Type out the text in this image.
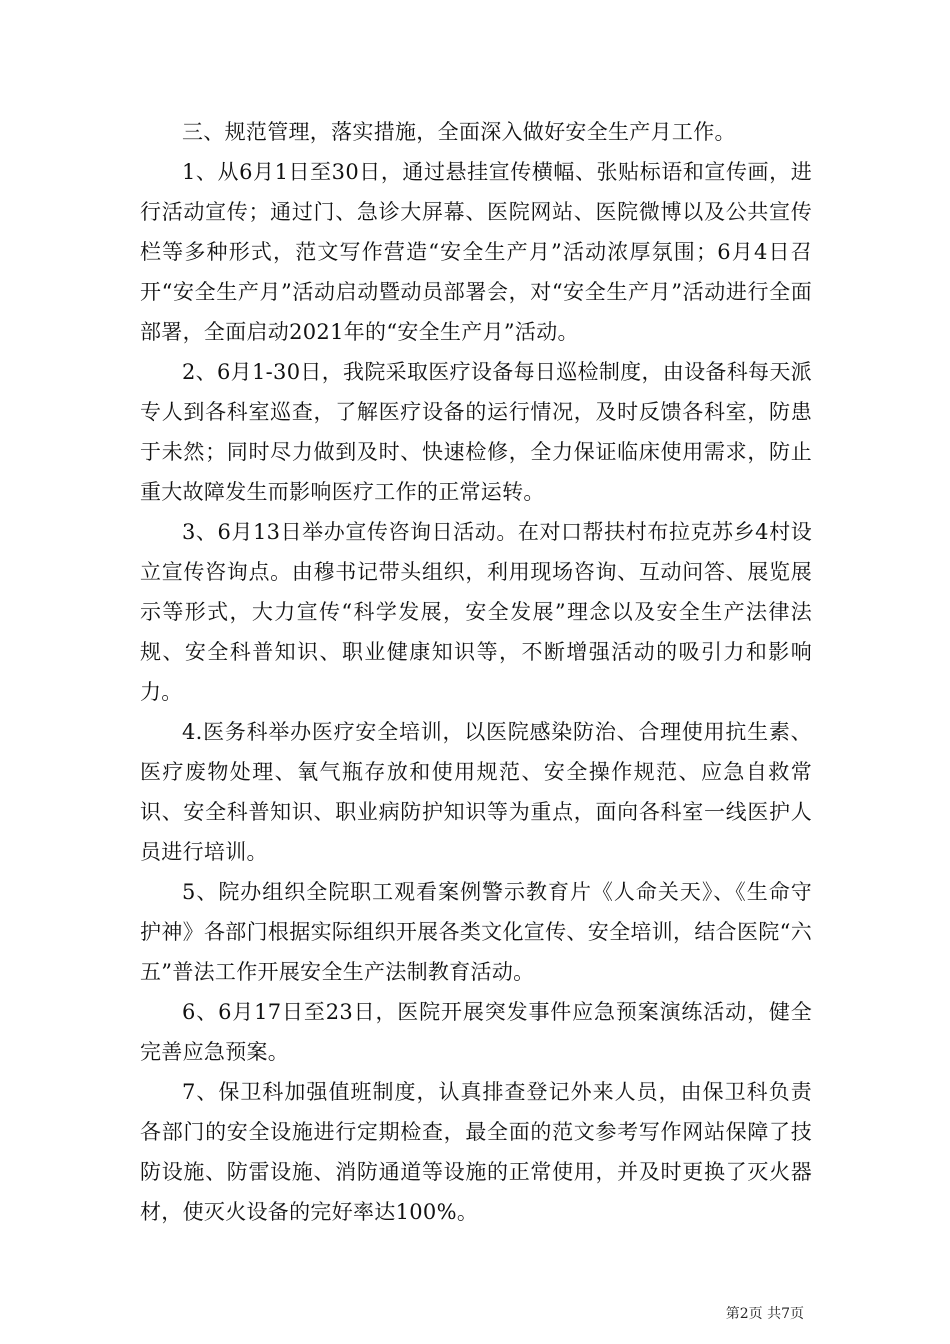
三、规范管理，落实措施，全面深入做好安全生产月工作。

1、从6月1日至30日，通过悬挂宣传横幅、张贴标语和宣传画，进行活动宣传；通过门、急诊大屏幕、医院网站、医院微博以及公共宣传栏等多种形式，范文写作营造“安全生产月”活动浓厚氛围；6月4日召开“安全生产月”活动启动暨动员部署会，对“安全生产月”活动进行全面部署，全面启动2021年的“安全生产月”活动。

2、6月1-30日，我院采取医疗设备每日巡检制度，由设备科每天派专人到各科室巡查，了解医疗设备的运行情况，及时反馈各科室，防患于未然；同时尽力做到及时、快速检修，全力保证临床使用需求，防止重大故障发生而影响医疗工作的正常运转。

3、6月13日举办宣传咨询日活动。在对口帮扶村布拉克苏乡4村设立宣传咨询点。由穆书记带头组织，利用现场咨询、互动问答、展览展示等形式，大力宣传“科学发展，安全发展”理念以及安全生产法律法规、安全科普知识、职业健康知识等，不断增强活动的吸引力和影响力。

4.医务科举办医疗安全培训，以医院感染防治、合理使用抗生素、医疗废物处理、氧气瓶存放和使用规范、安全操作规范、应急自救常识、安全科普知识、职业病防护知识等为重点，面向各科室一线医护人员进行培训。

5、院办组织全院职工观看案例警示教育片《人命关天》、《生命守护神》各部门根据实际组织开展各类文化宣传、安全培训，结合医院“六五”普法工作开展安全生产法制教育活动。

6、6月17日至23日，医院开展突发事件应急预案演练活动，健全完善应急预案。

7、保卫科加强值班制度，认真排查登记外来人员，由保卫科负责各部门的安全设施进行定期检查，最全面的范文参考写作网站保障了技防设施、防雷设施、消防通道等设施的正常使用，并及时更换了灭火器材，使灭火设备的完好率达100%。

第2页 共7页
